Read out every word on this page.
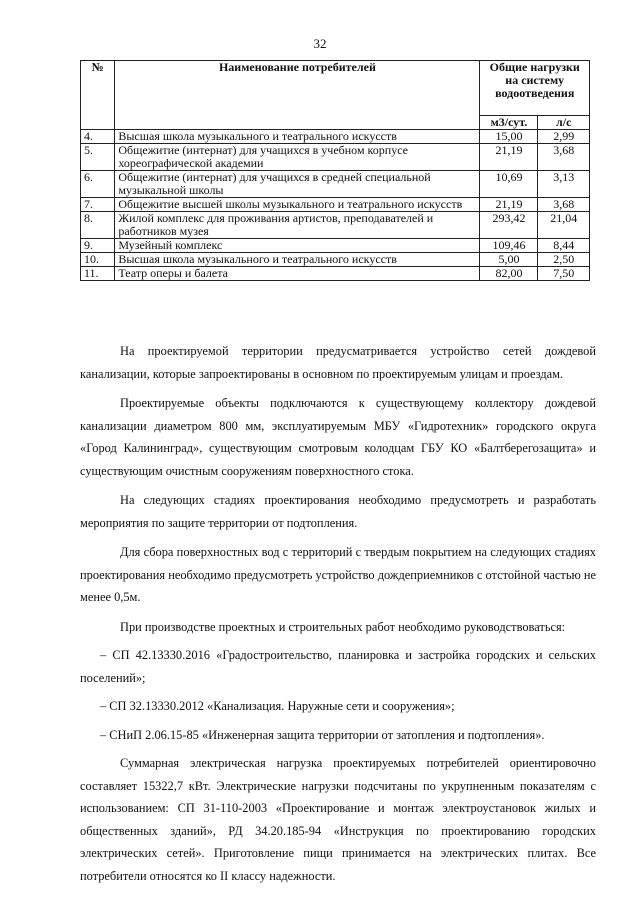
32
№	Наименование потребителей	Общие нагрузки на систему водоотведения	
		м3/сут.	л/с
4.	Высшая школа музыкального и театрального искусств	15,00	2,99
5.	Общежитие (интернат) для учащихся в учебном корпусе хореографической академии	21,19	3,68
6.	Общежитие (интернат) для учащихся в средней специальной музыкальной школы	10,69	3,13
7.	Общежитие высшей школы музыкального и театрального искусств	21,19	3,68
8.	Жилой комплекс для проживания артистов, преподавателей и работников музея	293,42	21,04
9.	Музейный комплекс	109,46	8,44
10.	Высшая школа музыкального и театрального искусств	5,00	2,50
11.	Театр оперы и балета	82,00	7,50

На проектируемой территории предусматривается устройство сетей дождевой канализации, которые запроектированы в основном по проектируемым улицам и проездам.

Проектируемые объекты подключаются к существующему коллектору дождевой канализации диаметром 800 мм, эксплуатируемым МБУ «Гидротехник» городского округа «Город Калининград», существующим смотровым колодцам ГБУ КО «Балтберегозащита» и существующим очистным сооружениям поверхностного стока.

На следующих стадиях проектирования необходимо предусмотреть и разработать мероприятия по защите территории от подтопления.

Для сбора поверхностных вод с территорий с твердым покрытием на следующих стадиях проектирования необходимо предусмотреть устройство дождеприемников с отстойной частью не менее 0,5м.

При производстве проектных и строительных работ необходимо руководствоваться:

– СП 42.13330.2016 «Градостроительство, планировка и застройка городских и сельских поселений»;

– СП 32.13330.2012 «Канализация. Наружные сети и сооружения»;

– СНиП 2.06.15-85 «Инженерная защита территории от затопления и подтопления».

Суммарная электрическая нагрузка проектируемых потребителей ориентировочно составляет 15322,7 кВт. Электрические нагрузки подсчитаны по укрупненным показателям с использованием: СП 31-110-2003 «Проектирование и монтаж электроустановок жилых и общественных зданий», РД 34.20.185-94 «Инструкция по проектированию городских электрических сетей». Приготовление пищи принимается на электрических плитах. Все потребители относятся ко II классу надежности.
